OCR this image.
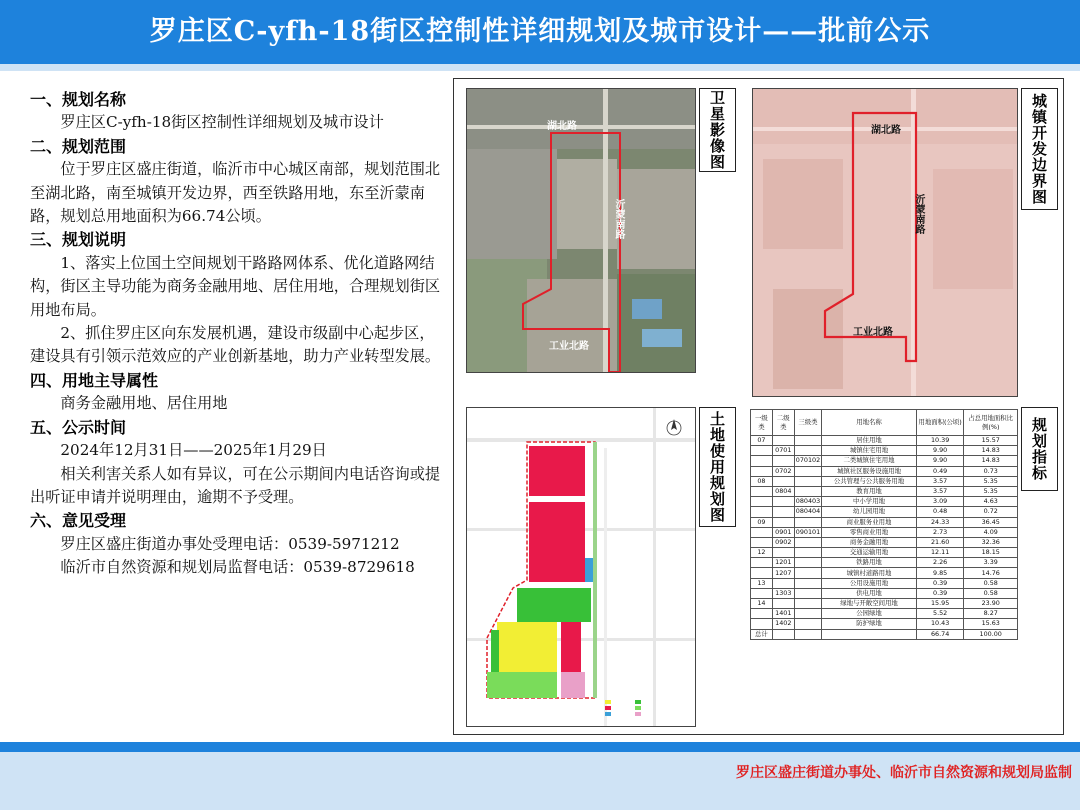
罗庄区C-yfh-18街区控制性详细规划及城市设计——批前公示
一、规划名称
罗庄区C-yfh-18街区控制性详细规划及城市设计
二、规划范围
位于罗庄区盛庄街道，临沂市中心城区南部，规划范围北至湖北路，南至城镇开发边界，西至铁路用地，东至沂蒙南路，规划总用地面积为66.74公顷。
三、规划说明
1、落实上位国土空间规划干路路网体系、优化道路网结构，街区主导功能为商务金融用地、居住用地，合理规划街区用地布局。
2、抓住罗庄区向东发展机遇，建设市级副中心起步区，建设具有引领示范效应的产业创新基地，助力产业转型发展。
四、用地主导属性
商务金融用地、居住用地
五、公示时间
2024年12月31日——2025年1月29日
相关利害关系人如有异议，可在公示期间内电话咨询或提出听证申请并说明理由，逾期不予受理。
六、意见受理
罗庄区盛庄街道办事处受理电话：0539-5971212
临沂市自然资源和规划局监督电话：0539-8729618
湖北路
沂蒙南路
工业北路
卫星影像图	湖北路
沂蒙南路
工业北路
城镇开发边界图
土地使用规划图	一级类	二级类	三级类	用地名称	用地面积(公顷)	占总用地面积比例(%)
07			居住用地	10.39	15.57
	0701		城镇住宅用地	9.90	14.83
		070102	二类城镇住宅用地	9.90	14.83
	0702		城镇社区服务设施用地	0.49	0.73
08			公共管理与公共服务用地	3.57	5.35
	0804		教育用地	3.57	5.35
		080403	中小学用地	3.09	4.63
		080404	幼儿园用地	0.48	0.72
09			商业服务业用地	24.33	36.45
	0901	090101	零售商业用地	2.73	4.09
	0902		商务金融用地	21.60	32.36
12			交通运输用地	12.11	18.15
	1201		铁路用地	2.26	3.39
	1207		城镇村道路用地	9.85	14.76
13			公用设施用地	0.39	0.58
	1303		供电用地	0.39	0.58
14			绿地与开敞空间用地	15.95	23.90
	1401		公园绿地	5.52	8.27
	1402		防护绿地	10.43	15.63
总计				66.74	100.00
规划指标
罗庄区盛庄街道办事处、临沂市自然资源和规划局监制
